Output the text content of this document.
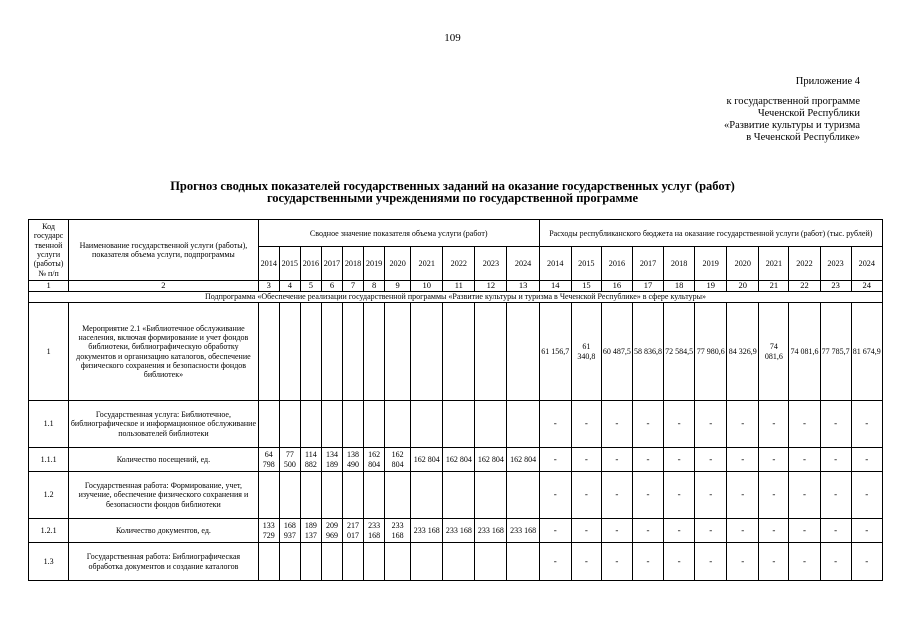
109
Приложение 4
к государственной программе
Чеченской Республики
«Развитие культуры и туризма
в Чеченской Республике»
Прогноз сводных показателей государственных заданий на оказание государственных услуг (работ)
государственными учреждениями по государственной программе
Код государс твенной услуги (работы) № п/п	Наименование государственной услуги (работы), показателя объема услуги, подпрограммы	Сводное значение показателя объема услуги (работ)											Расходы республиканского бюджета на оказание государственной услуги (работ) (тыс. рублей)										
		2014	2015	2016	2017	2018	2019	2020	2021	2022	2023	2024	2014	2015	2016	2017	2018	2019	2020	2021	2022	2023	2024
1	2	3	4	5	6	7	8	9	10	11	12	13	14	15	16	17	18	19	20	21	22	23	24
Подпрограмма «Обеспечение реализации государственной программы «Развитие культуры и туризма в Чеченской Республике» в сфере культуры»																							
1	Мероприятие 2.1 «Библиотечное обслуживание населения, включая формирование и учет фондов библиотеки, библиографическую обработку документов и организацию каталогов, обеспечение физического сохранения и безопасности фондов библиотек»												61 156,7	61 340,8	60 487,5	58 836,8	72 584,5	77 980,6	84 326,9	74 081,6	74 081,6	77 785,7	81 674,9
1.1	Государственная услуга: Библиотечное, библиографическое и информационное обслуживание пользователей библиотеки												-	-	-	-	-	-	-	-	-	-	-
1.1.1	Количество посещений, ед.	64 798	77 500	114 882	134 189	138 490	162 804	162 804	162 804	162 804	162 804	162 804	-	-	-	-	-	-	-	-	-	-	-
1.2	Государственная работа: Формирование, учет, изучение, обеспечение физического сохранения и безопасности фондов библиотеки												-	-	-	-	-	-	-	-	-	-	-
1.2.1	Количество документов, ед.	133 729	168 937	189 137	209 969	217 017	233 168	233 168	233 168	233 168	233 168	233 168	-	-	-	-	-	-	-	-	-	-	-
1.3	Государственная работа: Библиографическая обработка документов и создание каталогов												-	-	-	-	-	-	-	-	-	-	-
